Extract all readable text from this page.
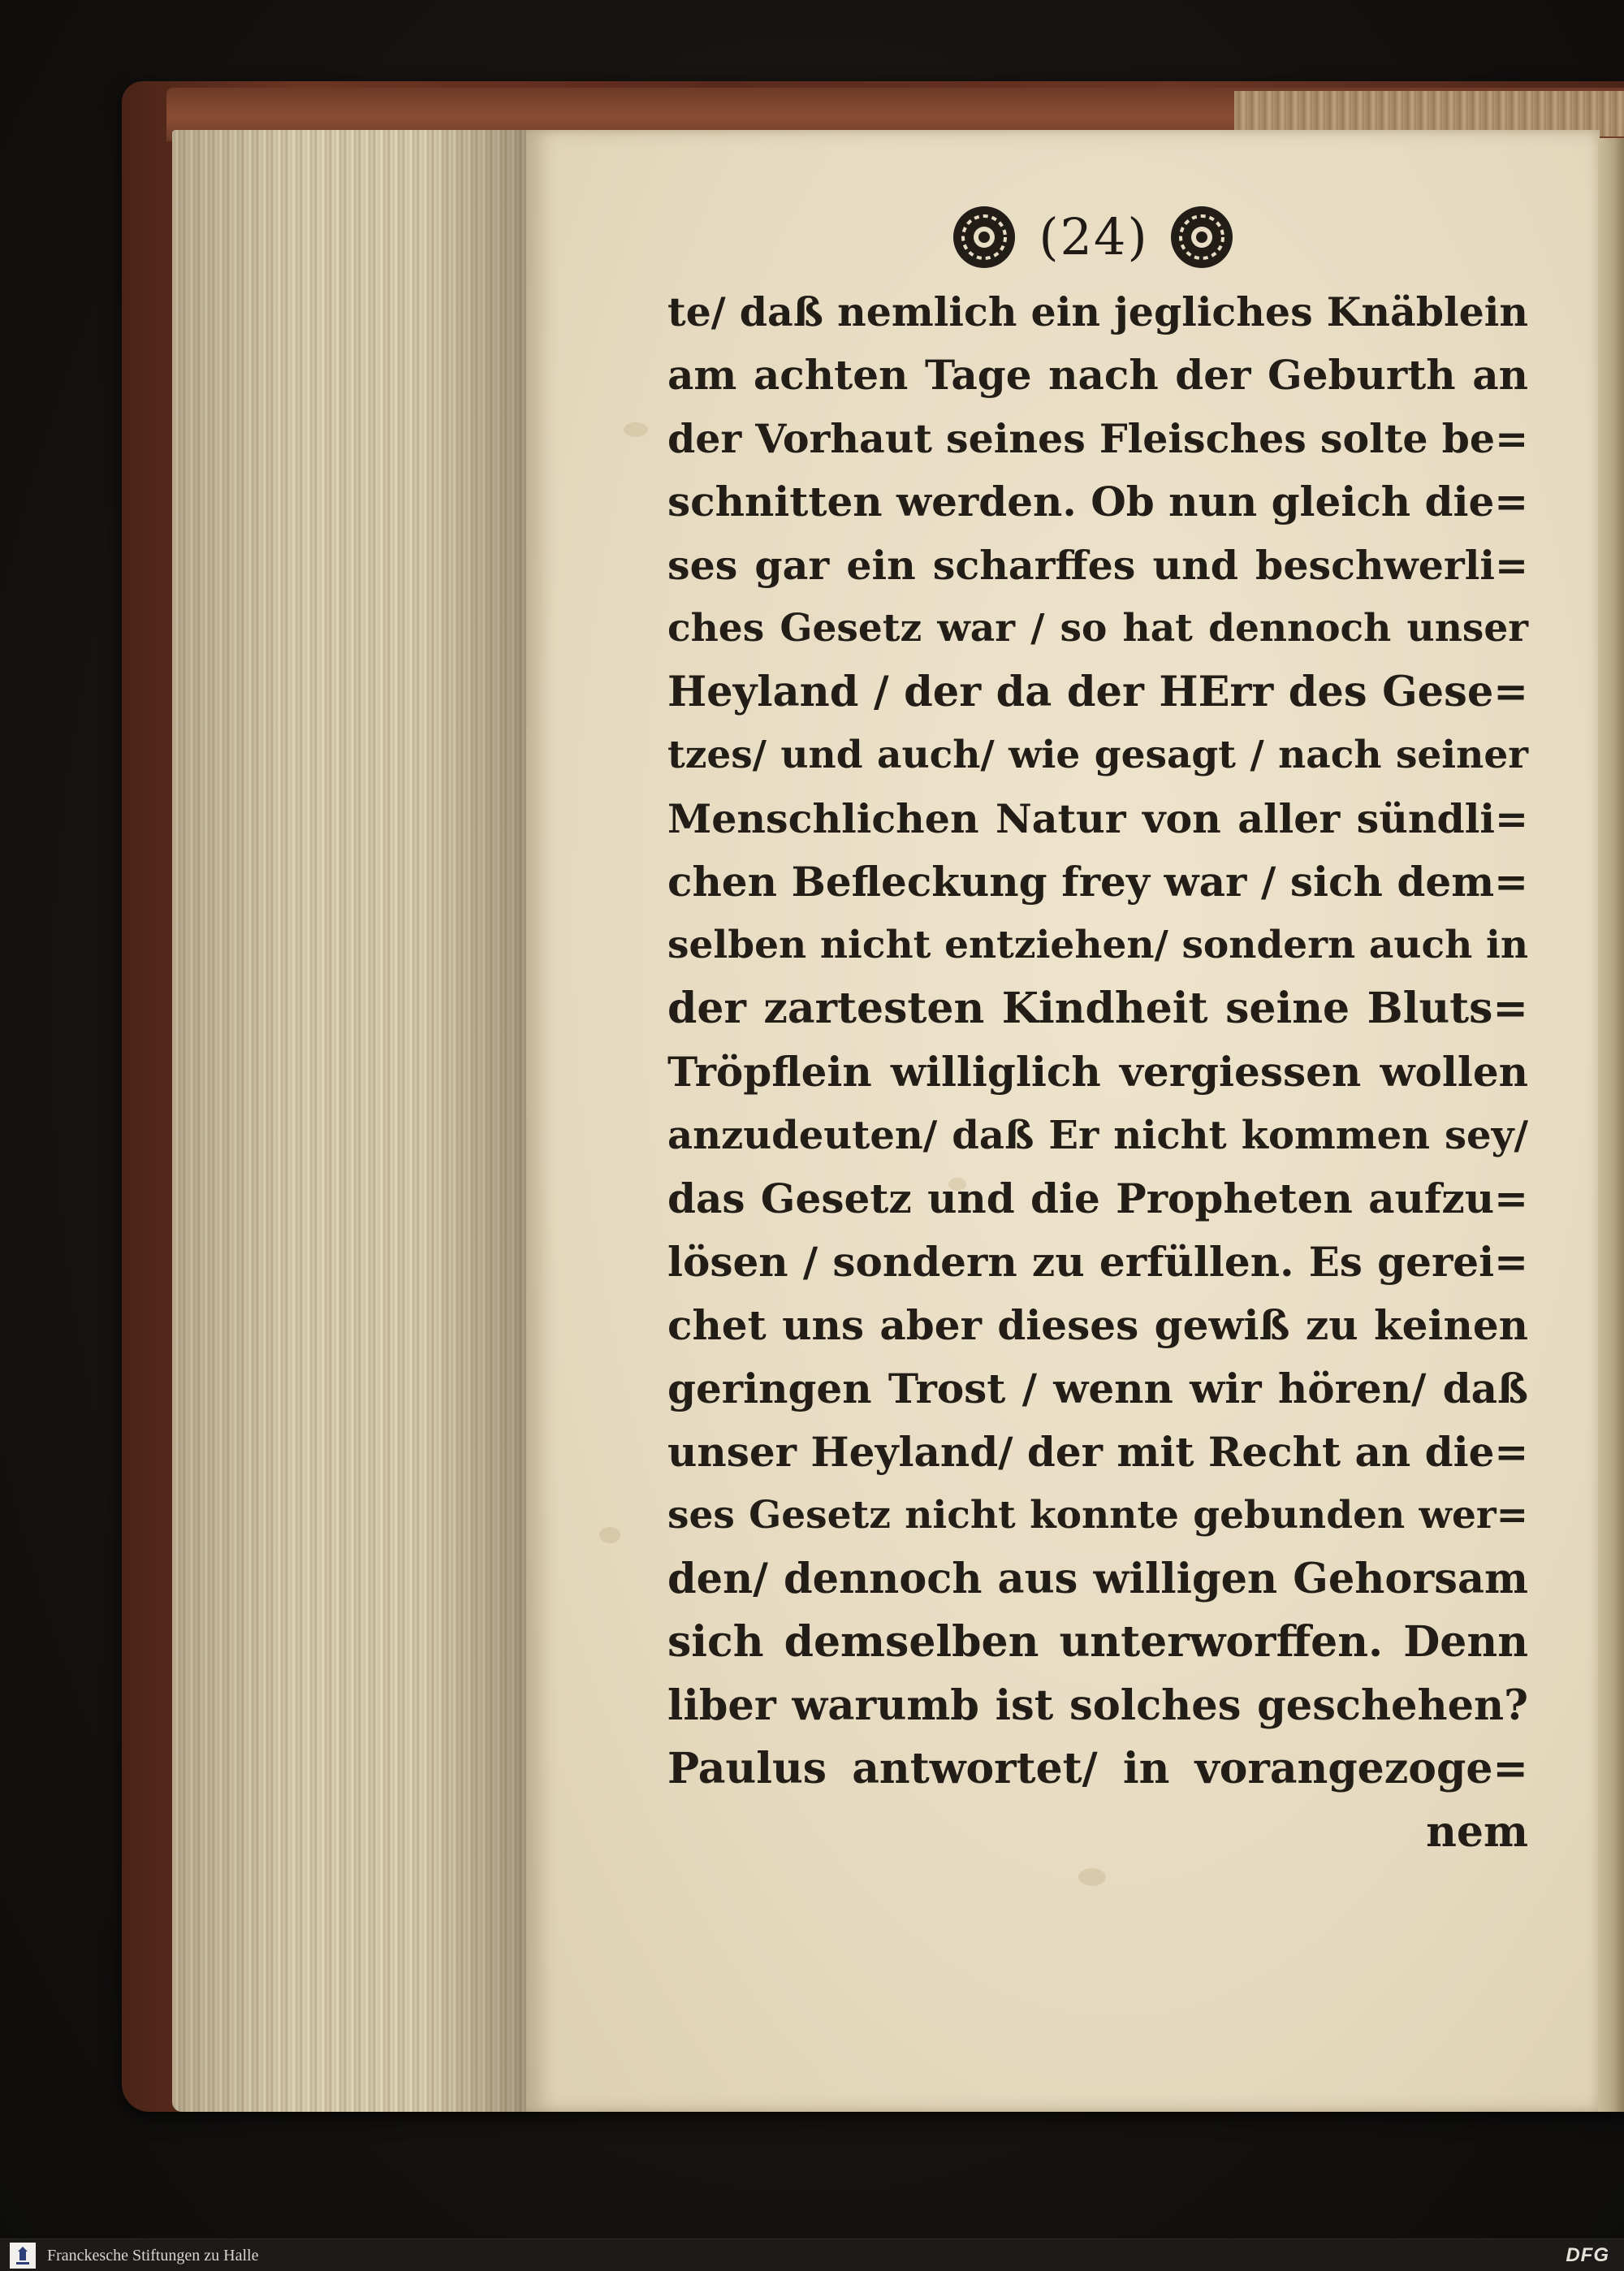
(24)
te/ daß nemlich ein jegliches Knäblein
am achten Tage nach der Geburth an
der Vorhaut seines Fleisches solte be=
schnitten werden. Ob nun gleich die=
ses gar ein scharffes und beschwerli=
ches Gesetz war / so hat dennoch unser
Heyland / der da der HErr des Gese=
tzes/ und auch/ wie gesagt / nach seiner
Menschlichen Natur von aller sündli=
chen Befleckung frey war / sich dem=
selben nicht entziehen/ sondern auch in
der zartesten Kindheit seine Bluts=
Tröpflein williglich vergiessen wollen
anzudeuten/ daß Er nicht kommen sey/
das Gesetz und die Propheten aufzu=
lösen / sondern zu erfüllen. Es gerei=
chet uns aber dieses gewiß zu keinen
geringen Trost / wenn wir hören/ daß
unser Heyland/ der mit Recht an die=
ses Gesetz nicht konnte gebunden wer=
den/ dennoch aus willigen Gehorsam
sich demselben unterworffen. Denn
liber warumb ist solches geschehen?
Paulus antwortet/ in vorangezoge=
nem
Franckesche Stiftungen zu Halle	DFG
